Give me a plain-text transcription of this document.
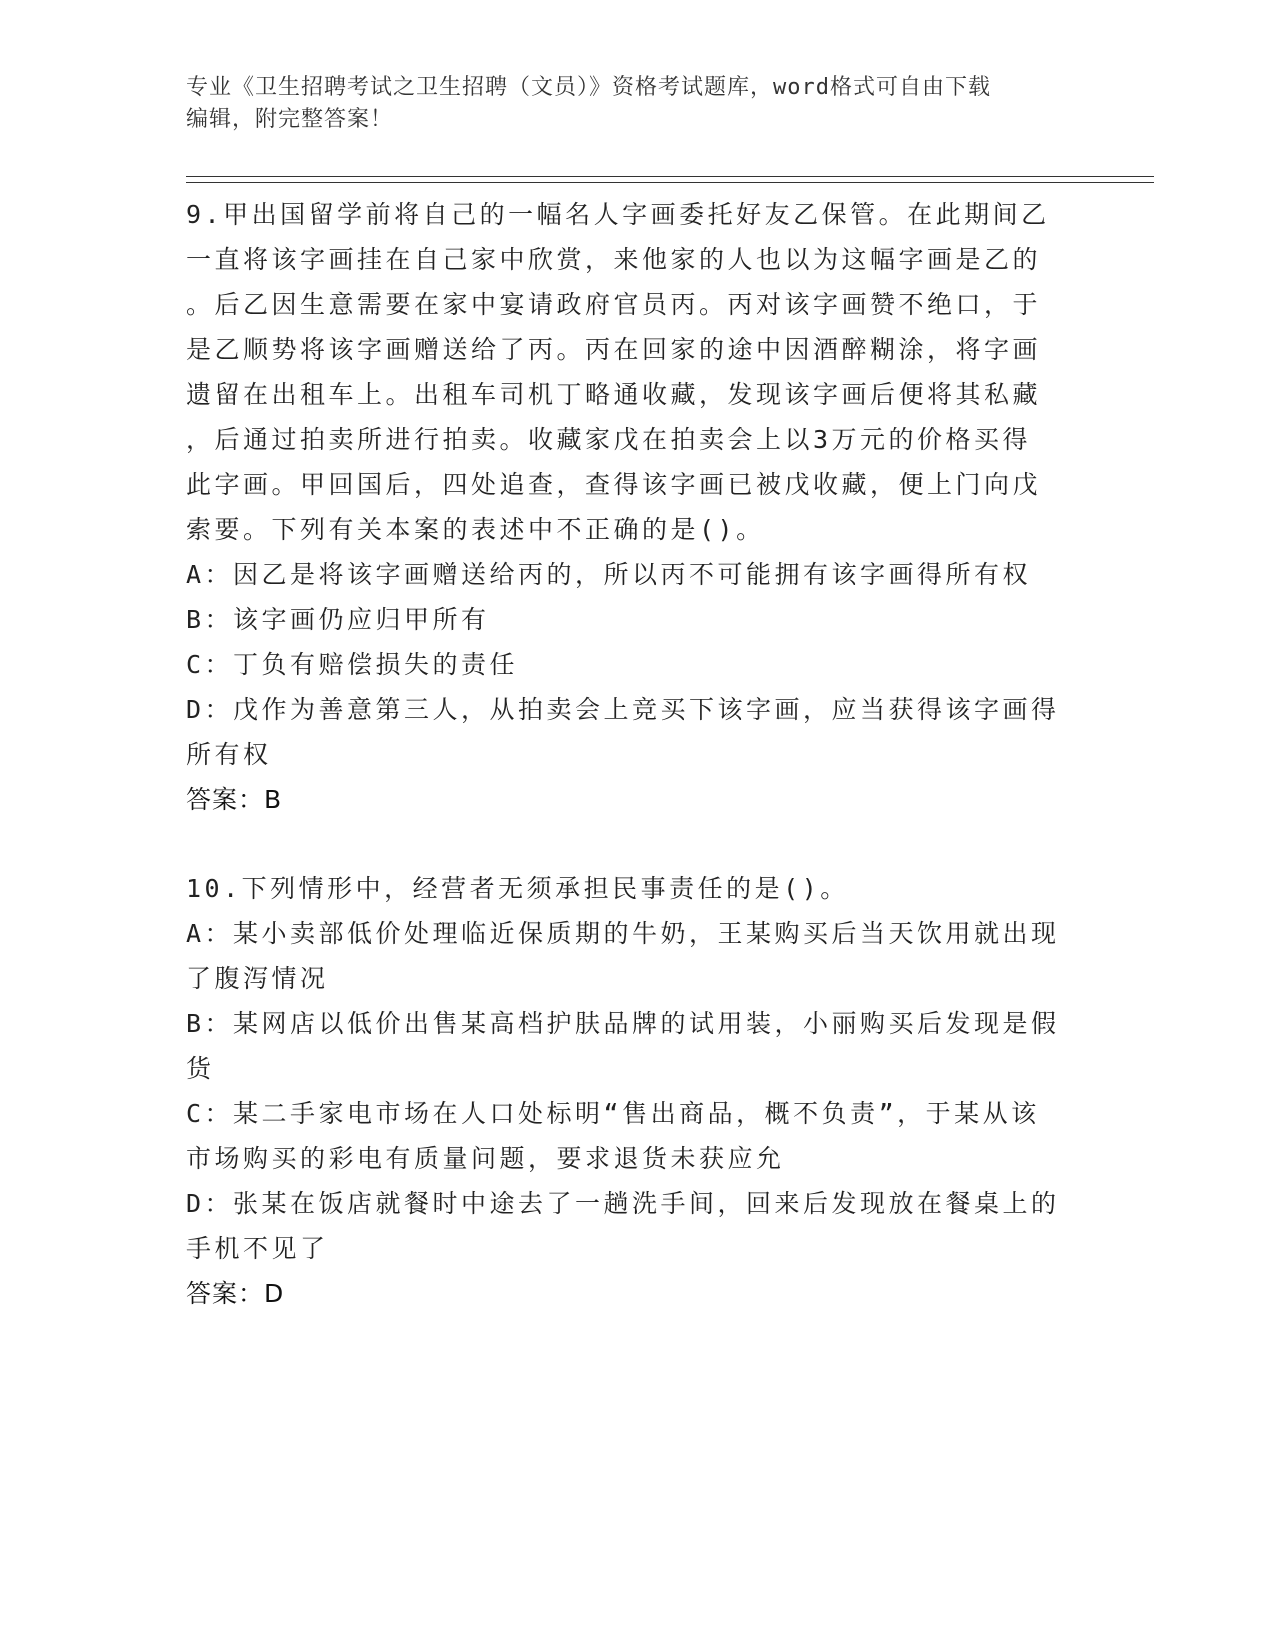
专业《卫生招聘考试之卫生招聘（文员）》资格考试题库，word格式可自由下载
编辑，附完整答案！
9.甲出国留学前将自己的一幅名人字画委托好友乙保管。在此期间乙
一直将该字画挂在自己家中欣赏，来他家的人也以为这幅字画是乙的
。后乙因生意需要在家中宴请政府官员丙。丙对该字画赞不绝口，于
是乙顺势将该字画赠送给了丙。丙在回家的途中因酒醉糊涂，将字画
遗留在出租车上。出租车司机丁略通收藏，发现该字画后便将其私藏
，后通过拍卖所进行拍卖。收藏家戊在拍卖会上以3万元的价格买得
此字画。甲回国后，四处追查，查得该字画已被戊收藏，便上门向戊
索要。下列有关本案的表述中不正确的是()。
A：因乙是将该字画赠送给丙的，所以丙不可能拥有该字画得所有权
B：该字画仍应归甲所有
C：丁负有赔偿损失的责任
D：戊作为善意第三人，从拍卖会上竞买下该字画，应当获得该字画得
所有权
答案：B
10.下列情形中，经营者无须承担民事责任的是()。
A：某小卖部低价处理临近保质期的牛奶，王某购买后当天饮用就出现
了腹泻情况
B：某网店以低价出售某高档护肤品牌的试用装，小丽购买后发现是假
货
C：某二手家电市场在人口处标明“售出商品，概不负责”，于某从该
市场购买的彩电有质量问题，要求退货未获应允
D：张某在饭店就餐时中途去了一趟洗手间，回来后发现放在餐桌上的
手机不见了
答案：D
